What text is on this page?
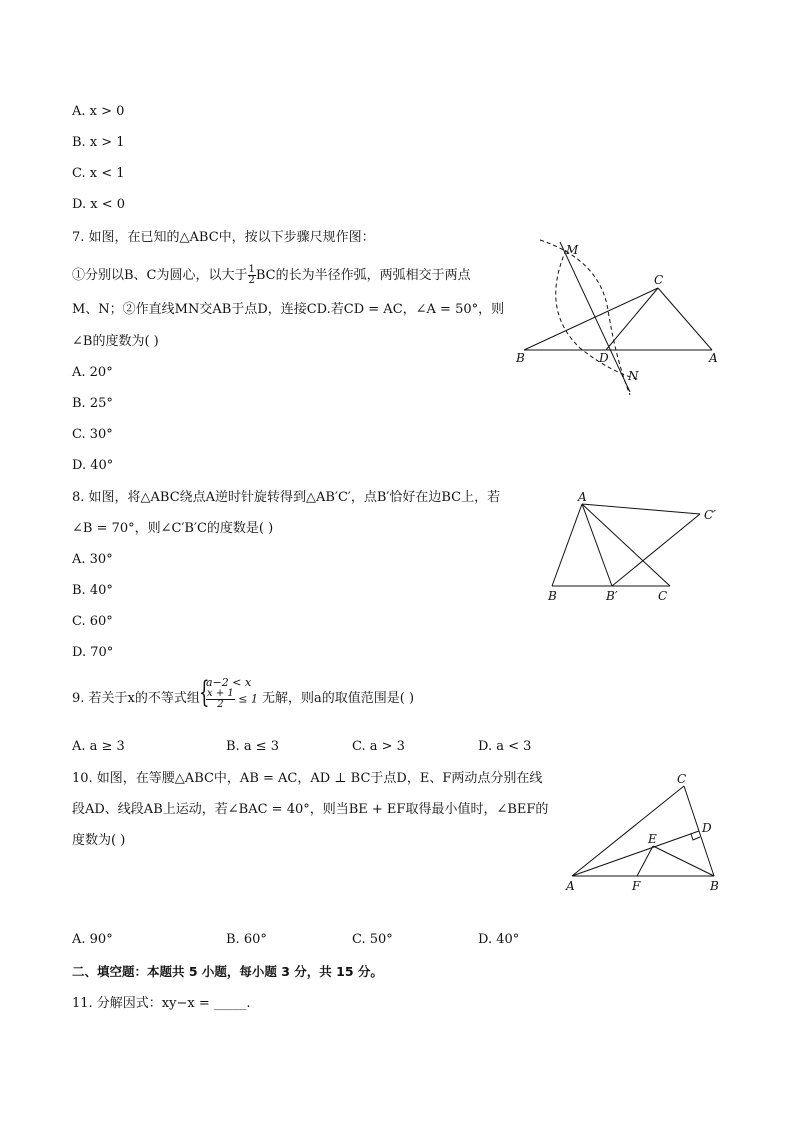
A. x > 0
B. x > 1
C. x < 1
D. x < 0
7. 如图，在已知的△ABC中，按以下步骤尺规作图：
①分别以B、C为圆心，以大于 $\frac{1}{2}$ BC的长为半径作弧，两弧相交于两点
M、N；②作直线MN交AB于点D，连接CD.若CD = AC，∠A = 50°，则
∠B的度数为( )
A. 20°
B. 25°
C. 30°
D. 40°
M
N
B
C
D	A
8. 如图，将△ABC绕点A逆时针旋转得到△AB′C′，点B′恰好在边BC上，若
∠B = 70°，则∠C′B′C的度数是( )
A. 30°
B. 40°
C. 60°
D. 70°
A
C′
B	B′	C
9. 若关于x的不等式组 {
a−2 < x
$\frac{x + 1}{2} \le 1$ 无解，则a的取值范围是( )
A. a ≥ 3	B. a ≤ 3	C. a > 3	D. a < 3
10. 如图，在等腰△ABC中，AB = AC，AD ⊥ BC于点D，E、F两动点分别在线
段AD、线段AB上运动，若∠BAC = 40°，则当BE + EF取得最小值时，∠BEF的
度数为( )
C
D
E
A	F	B
A. 90°	B. 60°	C. 50°	D. 40°
二、填空题：本题共 5 小题，每小题 3 分，共 15 分。
11. 分解因式：xy−x = _____.
